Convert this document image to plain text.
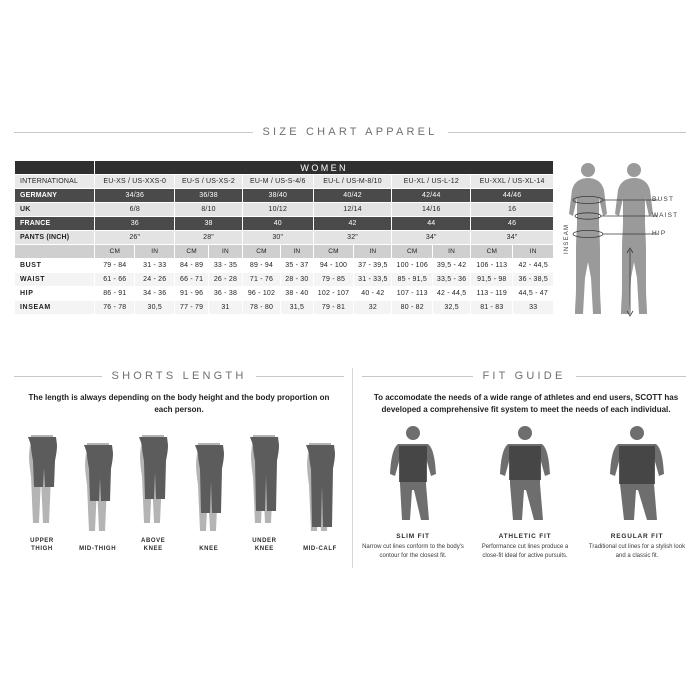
SIZE CHART APPAREL
	WOMEN											
INTERNATIONAL	EU-XS / US-XXS-0		EU-S / US-XS-2		EU-M / US-S-4/6		EU-L / US-M-8/10		EU-XL / US-L-12		EU-XXL / US-XL-14	
GERMANY	34/36		36/38		38/40		40/42		42/44		44/46	
UK	6/8		8/10		10/12		12/14		14/16		16	
FRANCE	36		38		40		42		44		46	
PANTS (INCH)	26"		28"		30"		32"		34"		34"	
	CM	IN	CM	IN	CM	IN	CM	IN	CM	IN	CM	IN
BUST	79 - 84	31 - 33	84 - 89	33 - 35	89 - 94	35 - 37	94 - 100	37 - 39,5	100 - 106	39,5 - 42	106 - 113	42 - 44,5
WAIST	61 - 66	24 - 26	66 - 71	26 - 28	71 - 76	28 - 30	79 - 85	31 - 33,5	85 - 91,5	33,5 - 36	91,5 - 98	36 - 38,5
HIP	86 - 91	34 - 36	91 - 96	36 - 38	96 - 102	38 - 40	102 - 107	40 - 42	107 - 113	42 - 44,5	113 - 119	44,5 - 47
INSEAM	76 - 78	30,5	77 - 79	31	78 - 80	31,5	79 - 81	32	80 - 82	32,5	81 - 83	33
BUST
WAIST
HIP
INSEAM
SHORTS LENGTH
The length is always depending on the body height and the body proportion on each person.
UPPER
THIGH	MID-THIGH
ABOVE
KNEE	KNEE
UNDER
KNEE	MID-CALF
FIT GUIDE
To accomodate the needs of a wide range of athletes and end users, SCOTT has developed a comprehensive fit system to meet the needs of each individual.
SLIM FIT
Narrow cut lines conform to the body's contour for the closest fit.
ATHLETIC FIT
Performance cut lines produce a close-fit ideal for active pursuits.
REGULAR FIT
Traditional cut lines for a stylish look and a classic fit.
